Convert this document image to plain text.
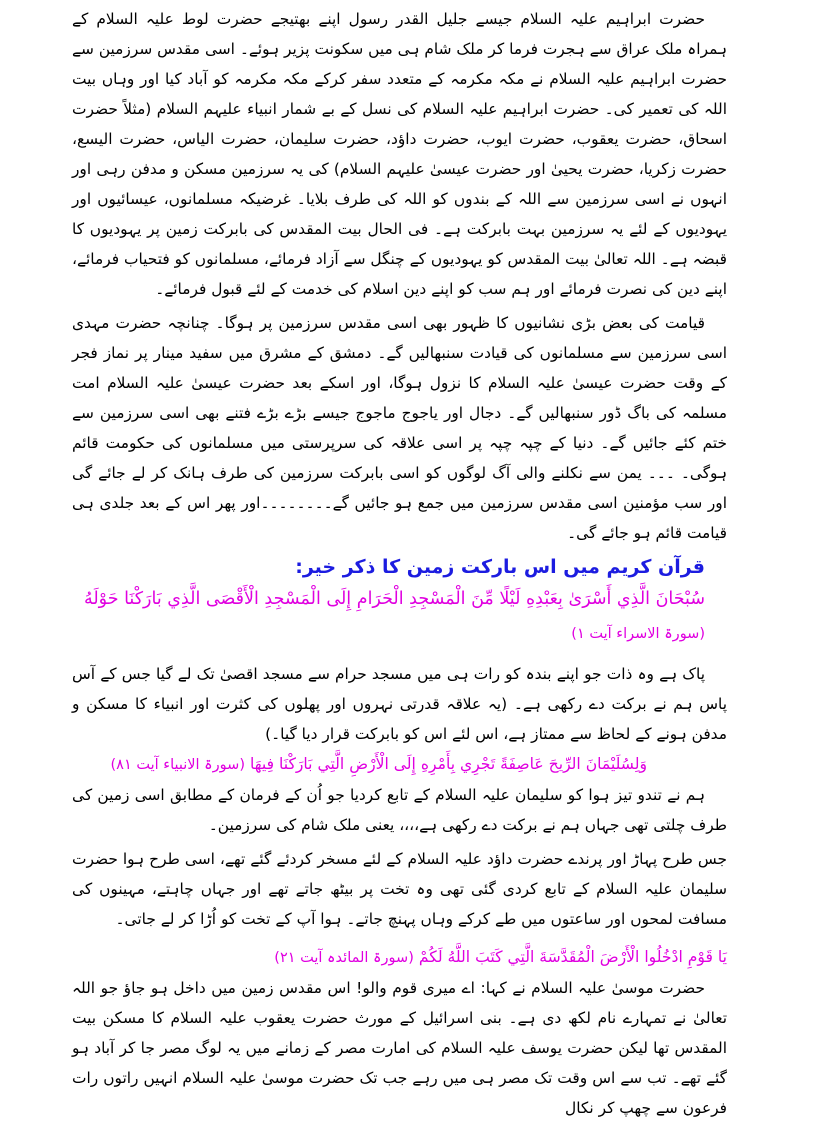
حضرت ابراہیم علیہ السلام جیسے جلیل القدر رسول اپنے بھتیجے حضرت لوط علیہ السلام کے ہمراہ ملک عراق سے ہجرت فرما کر ملک شام ہی میں سکونت پزیر ہوئے۔ اسی مقدس سرزمین سے حضرت ابراہیم علیہ السلام نے مکہ مکرمہ کے متعدد سفر کرکے مکہ مکرمہ کو آباد کیا اور وہاں بیت اللہ کی تعمیر کی۔ حضرت ابراہیم علیہ السلام کی نسل کے بے شمار انبیاء علیہم السلام (مثلاً حضرت اسحاق، حضرت یعقوب، حضرت ایوب، حضرت داؤد، حضرت سلیمان، حضرت الیاس، حضرت الیسع، حضرت زکریا، حضرت یحییٰ اور حضرت عیسیٰ علیہم السلام) کی یہ سرزمین مسکن و مدفن رہی اور انہوں نے اسی سرزمین سے اللہ کے بندوں کو اللہ کی طرف بلایا۔ غرضیکہ مسلمانوں، عیسائیوں اور یہودیوں کے لئے یہ سرزمین بہت بابرکت ہے۔ فی الحال بیت المقدس کی بابرکت زمین پر یہودیوں کا قبضہ ہے۔ اللہ تعالیٰ بیت المقدس کو یہودیوں کے چنگل سے آزاد فرمائے، مسلمانوں کو فتحیاب فرمائے، اپنے دین کی نصرت فرمائے اور ہم سب کو اپنے دین اسلام کی خدمت کے لئے قبول فرمائے۔

قیامت کی بعض بڑی نشانیوں کا ظہور بھی اسی مقدس سرزمین پر ہوگا۔ چنانچہ حضرت مہدی اسی سرزمین سے مسلمانوں کی قیادت سنبھالیں گے۔ دمشق کے مشرق میں سفید مینار پر نماز فجر کے وقت حضرت عیسیٰ علیہ السلام کا نزول ہوگا، اور اسکے بعد حضرت عیسیٰ علیہ السلام امت مسلمہ کی باگ ڈور سنبھالیں گے۔ دجال اور یاجوج ماجوج جیسے بڑے بڑے فتنے بھی اسی سرزمین سے ختم کئے جائیں گے۔ دنیا کے چپہ چپہ پر اسی علاقہ کی سرپرستی میں مسلمانوں کی حکومت قائم ہوگی۔ ۔۔۔ یمن سے نکلنے والی آگ لوگوں کو اسی بابرکت سرزمین کی طرف ہانک کر لے جائے گی اور سب مؤمنین اسی مقدس سرزمین میں جمع ہو جائیں گے۔۔۔۔۔۔۔۔اور پھر اس کے بعد جلدی ہی قیامت قائم ہو جائے گی۔

قرآن کریم میں اس بارکت زمین کا ذکر خیر:

سُبْحَانَ الَّذِي أَسْرَىٰ بِعَبْدِهِ لَيْلًا مِّنَ الْمَسْجِدِ الْحَرَامِ إِلَى الْمَسْجِدِ الْأَقْصَى الَّذِي بَارَكْنَا حَوْلَهُ (سورۃ الاسراء آیت ۱)

پاک ہے وہ ذات جو اپنے بندہ کو رات ہی میں مسجد حرام سے مسجد اقصیٰ تک لے گیا جس کے آس پاس ہم نے برکت دے رکھی ہے۔ (یہ علاقہ قدرتی نہروں اور پھلوں کی کثرت اور انبیاء کا مسکن و مدفن ہونے کے لحاظ سے ممتاز ہے، اس لئے اس کو بابرکت قرار دیا گیا۔)

وَلِسُلَيْمَانَ الرِّيحَ عَاصِفَةً تَجْرِي بِأَمْرِهِ إِلَى الْأَرْضِ الَّتِي بَارَكْنَا فِيهَا (سورۃ الانبیاء آیت ۸۱)

ہم نے تندو تیز ہوا کو سلیمان علیہ السلام کے تابع کردیا جو اُن کے فرمان کے مطابق اسی زمین کی طرف چلتی تھی جہاں ہم نے برکت دے رکھی ہے،،،، یعنی ملک شام کی سرزمین۔

جس طرح پہاڑ اور پرندے حضرت داؤد علیہ السلام کے لئے مسخر کردئے گئے تھے، اسی طرح ہوا حضرت سلیمان علیہ السلام کے تابع کردی گئی تھی وہ تخت پر بیٹھ جاتے تھے اور جہاں چاہتے، مہینوں کی مسافت لمحوں اور ساعتوں میں طے کرکے وہاں پہنچ جاتے۔ ہوا آپ کے تخت کو اُڑا کر لے جاتی۔

يَا قَوْمِ ادْخُلُوا الْأَرْضَ الْمُقَدَّسَةَ الَّتِي كَتَبَ اللَّهُ لَكُمْ (سورۃ المائدہ آیت ۲۱)

حضرت موسیٰ علیہ السلام نے کہا: اے میری قوم والو! اس مقدس زمین میں داخل ہو جاؤ جو اللہ تعالیٰ نے تمہارے نام لکھ دی ہے۔ بنی اسرائیل کے مورث حضرت یعقوب علیہ السلام کا مسکن بیت المقدس تھا لیکن حضرت یوسف علیہ السلام کی امارت مصر کے زمانے میں یہ لوگ مصر جا کر آباد ہو گئے تھے۔ تب سے اس وقت تک مصر ہی میں رہے جب تک حضرت موسیٰ علیہ السلام انہیں راتوں رات فرعون سے چھپ کر نکال
